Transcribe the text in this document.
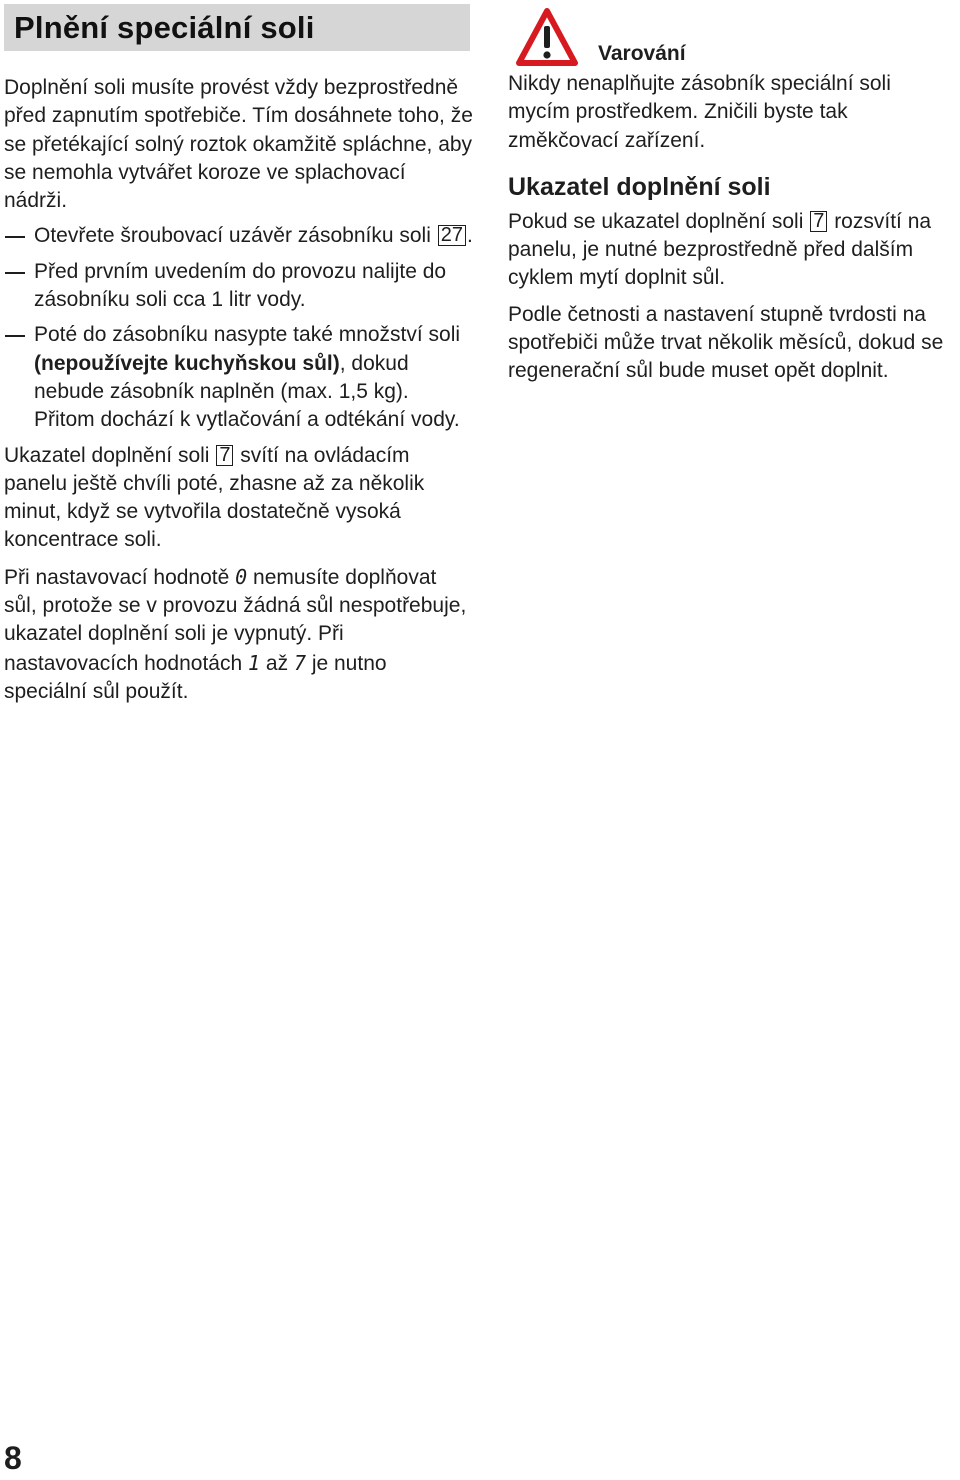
Plnění speciální soli

Doplnění soli musíte provést vždy bezprostředně před zapnutím spotřebiče. Tím dosáhnete toho, že se přetékající solný roztok okamžitě spláchne, aby se nemohla vytvářet koroze ve splachovací nádrži.

Otevřete šroubovací uzávěr zásobníku soli 27 .
Před prvním uvedením do provozu nalijte do zásobníku soli cca 1 litr vody.
Poté do zásobníku nasypte také množství soli (nepoužívejte kuchyňskou sůl), dokud nebude zásobník naplněn (max. 1,5 kg). Přitom dochází k vytlačování a odtékání vody.

Ukazatel doplnění soli 7 svítí na ovládacím panelu ještě chvíli poté, zhasne až za několik minut, když se vytvořila dostatečně vysoká koncentrace soli.

Při nastavovací hodnotě 0 nemusíte doplňovat sůl, protože se v provozu žádná sůl nespotřebuje, ukazatel doplnění soli je vypnutý. Při nastavovacích hodnotách 1 až 7 je nutno speciální sůl použít.

Varování

Nikdy nenaplňujte zásobník speciální soli mycím prostředkem. Zničili byste tak změkčovací zařízení.

Ukazatel doplnění soli

Pokud se ukazatel doplnění soli 7 rozsvítí na panelu, je nutné bezprostředně před dalším cyklem mytí doplnit sůl.

Podle četnosti a nastavení stupně tvrdosti na spotřebiči může trvat několik měsíců, dokud se regenerační sůl bude muset opět doplnit.

8
